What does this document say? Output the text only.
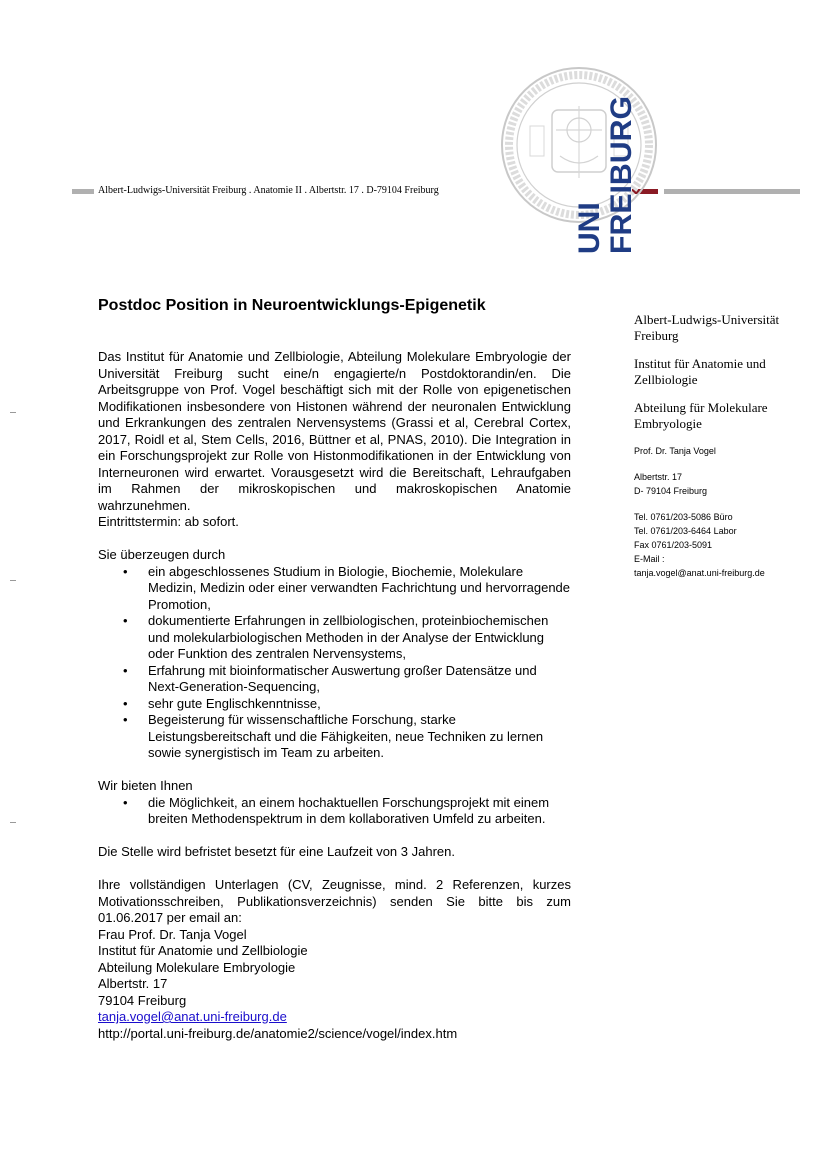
Albert-Ludwigs-Universität Freiburg . Anatomie II . Albertstr. 17 . D-79104 Freiburg
UNI FREIBURG

Albert-Ludwigs-Universität Freiburg

Institut für Anatomie und Zellbiologie

Abteilung für Molekulare Embryologie

Prof. Dr. Tanja Vogel

Albertstr. 17

D- 79104 Freiburg

Tel. 0761/203-5086 Büro

Tel. 0761/203-6464 Labor

Fax 0761/203-5091

E-Mail :

tanja.vogel@anat.uni-freiburg.de

Postdoc Position in Neuroentwicklungs-Epigenetik

Das Institut für Anatomie und Zellbiologie, Abteilung Molekulare Embryologie der Universität Freiburg sucht eine/n engagierte/n Postdoktorandin/en. Die Arbeitsgruppe von Prof. Vogel beschäftigt sich mit der Rolle von epigenetischen Modifikationen insbesondere von Histonen während der neuronalen Entwicklung und Erkrankungen des zentralen Nervensystems (Grassi et al, Cerebral Cortex, 2017, Roidl et al, Stem Cells, 2016, Büttner et al, PNAS, 2010). Die Integration in ein Forschungsprojekt zur Rolle von Histonmodifikationen in der Entwicklung von Interneuronen wird erwartet. Vorausgesetzt wird die Bereitschaft, Lehraufgaben im Rahmen der mikroskopischen und makroskopischen Anatomie wahrzunehmen.

Eintrittstermin: ab sofort.

Sie überzeugen durch

• ein abgeschlossenes Studium in Biologie, Biochemie, Molekulare Medizin, Medizin oder einer verwandten Fachrichtung und hervorragende Promotion,
• dokumentierte Erfahrungen in zellbiologischen, proteinbiochemischen und molekularbiologischen Methoden in der Analyse der Entwicklung oder Funktion des zentralen Nervensystems,
• Erfahrung mit bioinformatischer Auswertung großer Datensätze und Next-Generation-Sequencing,
• sehr gute Englischkenntnisse,
• Begeisterung für wissenschaftliche Forschung, starke Leistungsbereitschaft und die Fähigkeiten, neue Techniken zu lernen sowie synergistisch im Team zu arbeiten.

Wir bieten Ihnen

• die Möglichkeit, an einem hochaktuellen Forschungsprojekt mit einem breiten Methodenspektrum in dem kollaborativen Umfeld zu arbeiten.

Die Stelle wird befristet besetzt für eine Laufzeit von 3 Jahren.

Ihre vollständigen Unterlagen (CV, Zeugnisse, mind. 2 Referenzen, kurzes Motivationsschreiben, Publikationsverzeichnis) senden Sie bitte bis zum 01.06.2017 per email an:

Frau Prof. Dr. Tanja Vogel

Institut für Anatomie und Zellbiologie

Abteilung Molekulare Embryologie

Albertstr. 17

79104 Freiburg

tanja.vogel@anat.uni-freiburg.de

http://portal.uni-freiburg.de/anatomie2/science/vogel/index.htm
